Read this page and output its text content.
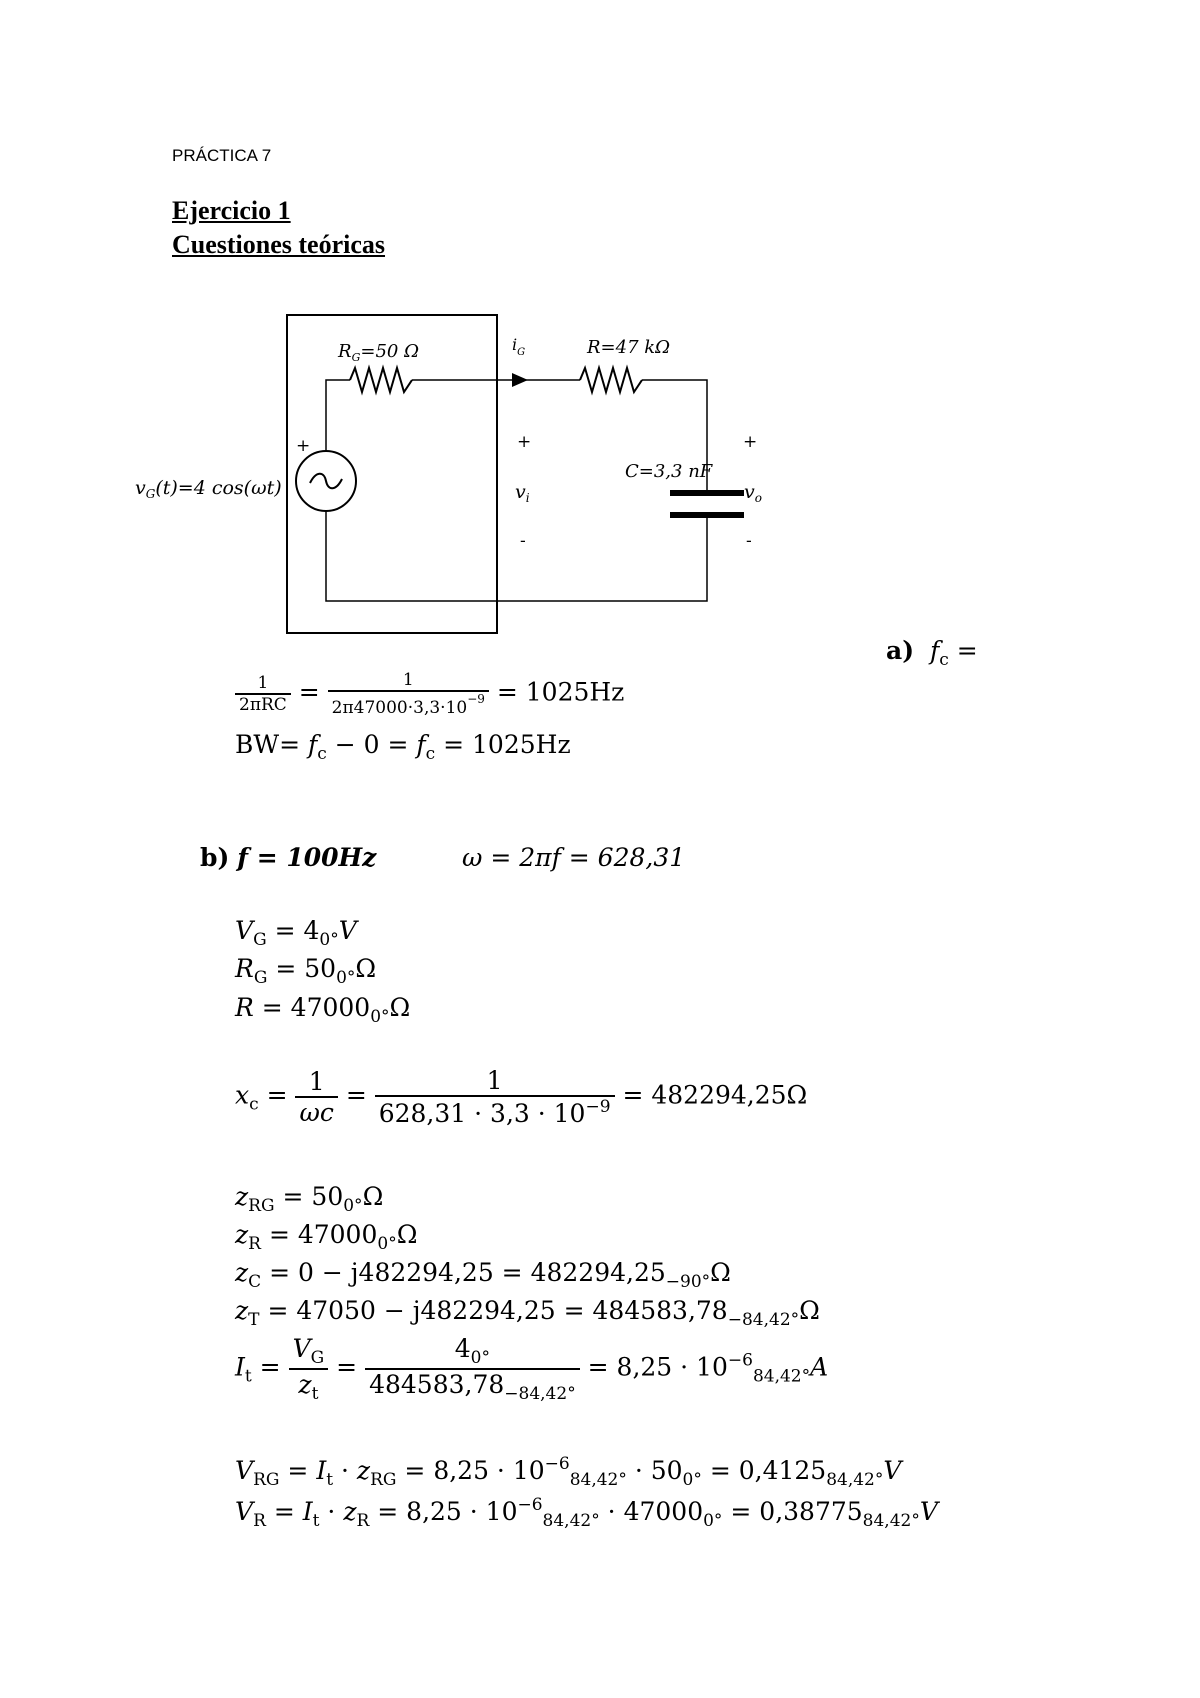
PRÁCTICA 7
Ejercicio 1
Cuestiones teóricas
$R_G=50$ Ω	$i_G$	R=47 kΩ
+
$v_G(t)=4$ cos(ωt)
+
$v_i$
-
C=3,3 nF
+
$v_o$
-
a) $f_c$ =
$\frac{1}{\text{2πRC}} = \frac{1}{2\pi 47000\cdot 3,3\cdot 10^{-9}} = 1025Hz$
$BW= f_c - 0 = f_c = 1025Hz$
b) f = 100Hz	ω = 2πf = 628,31
$V_G = 4_{0^\circ}V$
$R_G = 50_{0^\circ}\Omega$
$R = 47000_{0^\circ}\Omega$
$x_c = \frac{1}{\omega c} = \frac{1}{628,31 \cdot 3,3 \cdot 10^{-9}} = 482294,25\Omega$
$z_{RG} = 50_{0^\circ}\Omega$
$z_R = 47000_{0^\circ}\Omega$
$z_C = 0 - j482294,25 = 482294,25_{-90^\circ}\Omega$
$z_T = 47050 - j482294,25 = 484583,78_{-84,42^\circ}\Omega$
$I_t = \frac{V_G}{z_t} = \frac{4_{0^\circ}}{484583,78_{-84,42^\circ}} = 8,25 \cdot 10^{-6}_{84,42^\circ}A$
$V_{RG} = I_t \cdot z_{RG} = 8,25 \cdot 10^{-6}_{84,42^\circ} \cdot 50_{0^\circ} = 0,4125_{84,42^\circ}V$
$V_R = I_t \cdot z_R = 8,25 \cdot 10^{-6}_{84,42^\circ} \cdot 47000_{0^\circ} = 0,38775_{84,42^\circ}V$
